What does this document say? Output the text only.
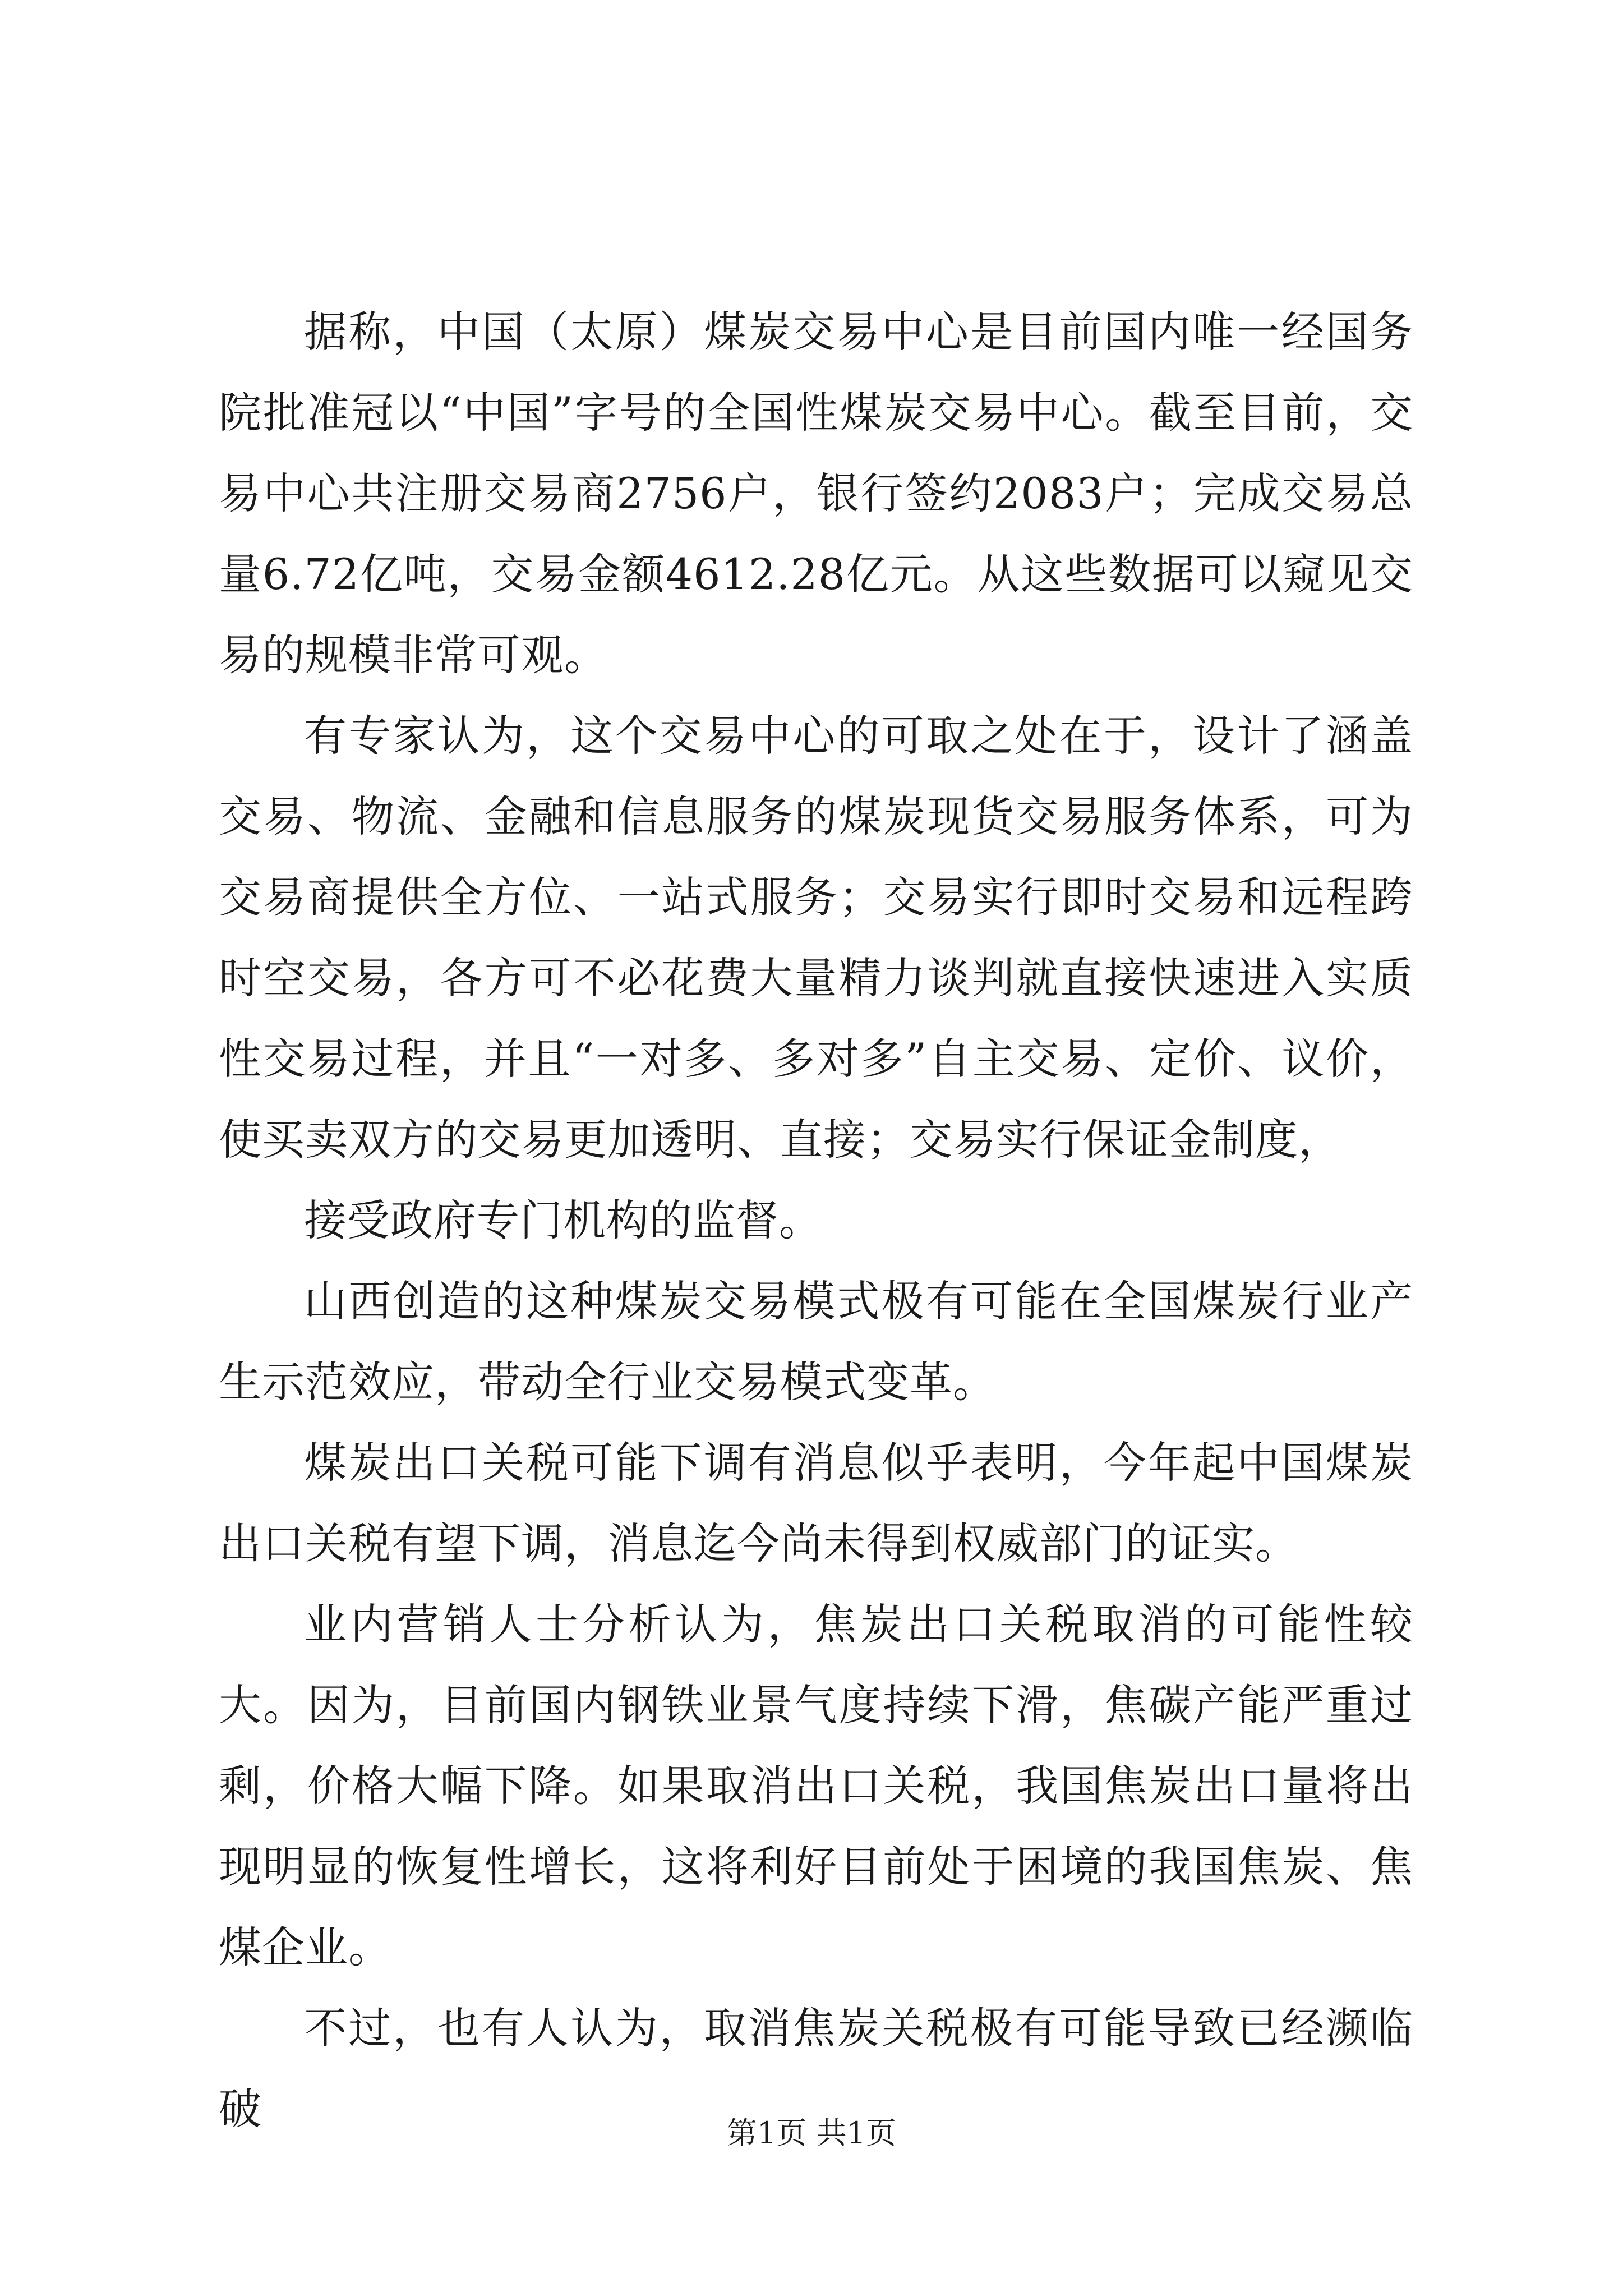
据称，中国（太原）煤炭交易中心是目前国内唯一经国务院批准冠以“中国”字号的全国性煤炭交易中心。截至目前，交易中心共注册交易商2756户，银行签约2083户；完成交易总量6.72亿吨，交易金额4612.28亿元。从这些数据可以窥见交易的规模非常可观。

有专家认为，这个交易中心的可取之处在于，设计了涵盖交易、物流、金融和信息服务的煤炭现货交易服务体系，可为交易商提供全方位、一站式服务；交易实行即时交易和远程跨时空交易，各方可不必花费大量精力谈判就直接快速进入实质性交易过程，并且“一对多、多对多”自主交易、定价、议价，使买卖双方的交易更加透明、直接；交易实行保证金制度，

接受政府专门机构的监督。

山西创造的这种煤炭交易模式极有可能在全国煤炭行业产生示范效应，带动全行业交易模式变革。

煤炭出口关税可能下调有消息似乎表明，今年起中国煤炭出口关税有望下调，消息迄今尚未得到权威部门的证实。

业内营销人士分析认为，焦炭出口关税取消的可能性较大。因为，目前国内钢铁业景气度持续下滑，焦碳产能严重过剩，价格大幅下降。如果取消出口关税，我国焦炭出口量将出现明显的恢复性增长，这将利好目前处于困境的我国焦炭、焦煤企业。

不过，也有人认为，取消焦炭关税极有可能导致已经濒临破	第1页 共1页
